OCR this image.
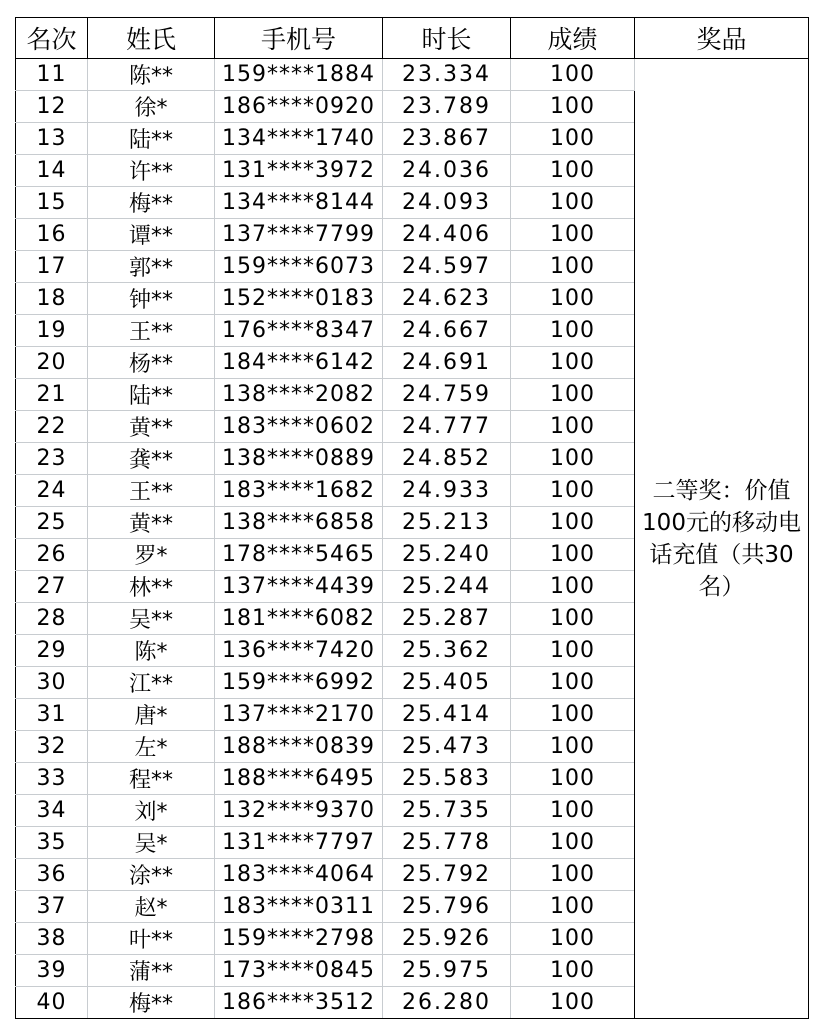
名次	姓氏	手机号	时长	成绩	奖品
11	陈**	159****1884	23.334	100	二等奖：价值100元的移动电话充值（共30名）
12	徐*	186****0920	23.789	100	
13	陆**	134****1740	23.867	100	
14	许**	131****3972	24.036	100	
15	梅**	134****8144	24.093	100	
16	谭**	137****7799	24.406	100	
17	郭**	159****6073	24.597	100	
18	钟**	152****0183	24.623	100	
19	王**	176****8347	24.667	100	
20	杨**	184****6142	24.691	100	
21	陆**	138****2082	24.759	100	
22	黄**	183****0602	24.777	100	
23	龚**	138****0889	24.852	100	
24	王**	183****1682	24.933	100	
25	黄**	138****6858	25.213	100	
26	罗*	178****5465	25.240	100	
27	林**	137****4439	25.244	100	
28	吴**	181****6082	25.287	100	
29	陈*	136****7420	25.362	100	
30	江**	159****6992	25.405	100	
31	唐*	137****2170	25.414	100	
32	左*	188****0839	25.473	100	
33	程**	188****6495	25.583	100	
34	刘*	132****9370	25.735	100	
35	吴*	131****7797	25.778	100	
36	涂**	183****4064	25.792	100	
37	赵*	183****0311	25.796	100	
38	叶**	159****2798	25.926	100	
39	蒲**	173****0845	25.975	100	
40	梅**	186****3512	26.280	100	
